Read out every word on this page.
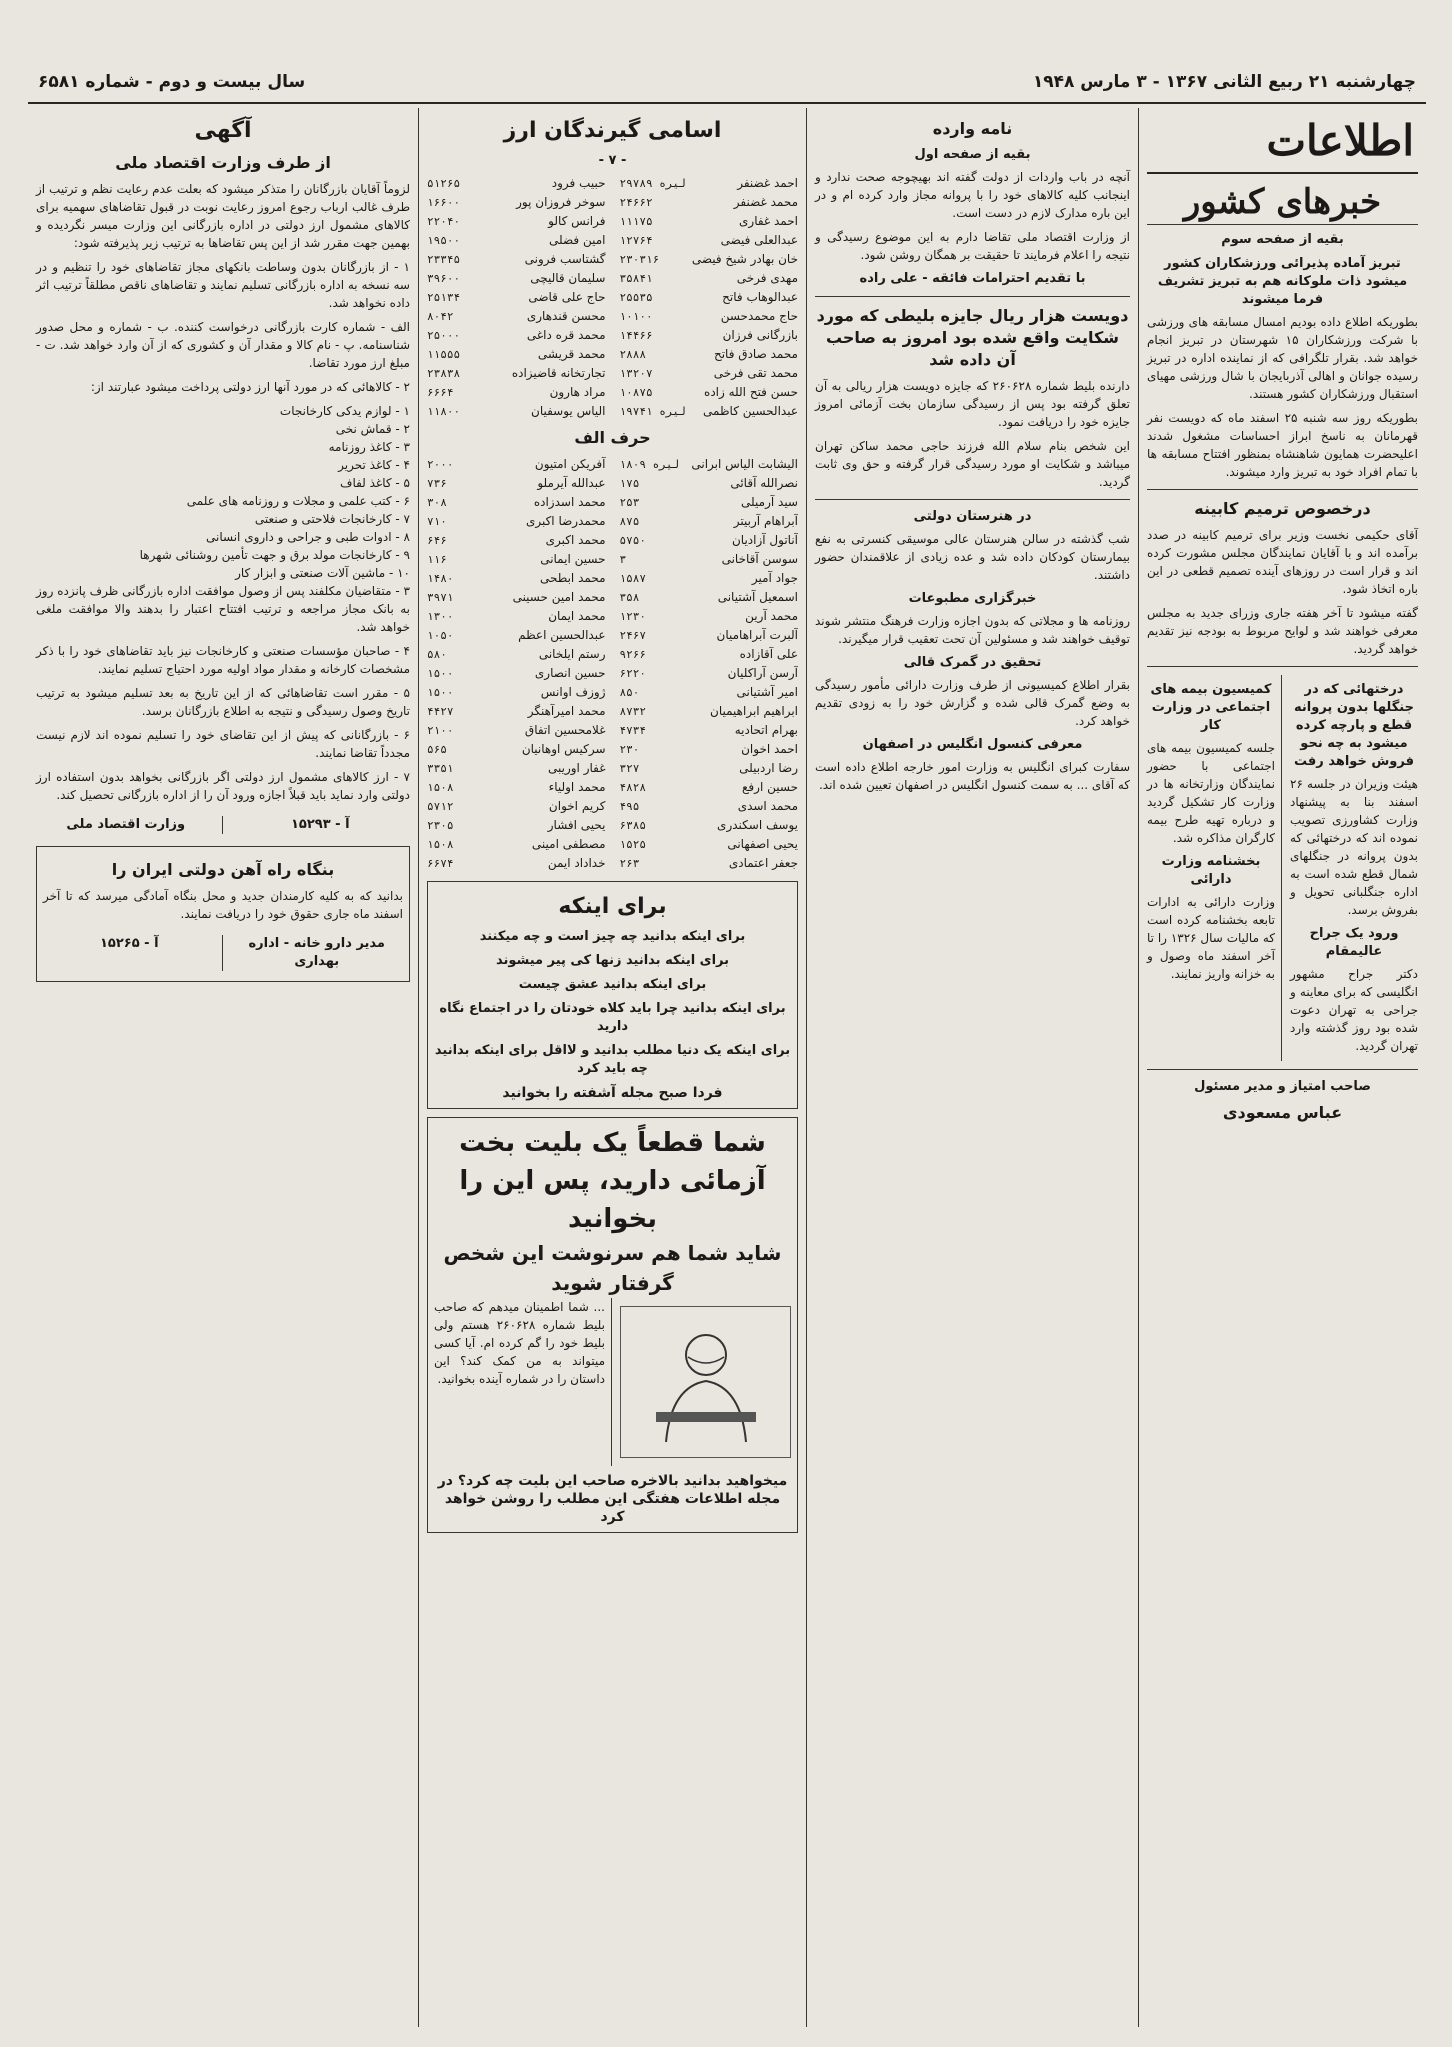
چهارشنبه ۲۱ ربیع الثانی ۱۳۶۷ - ۳ مارس ۱۹۴۸
سال بیست و دوم - شماره ۶۵۸۱
اطلاعات
خبرهای کشور
بقیه از صفحه سوم
تبریز آماده پذیرائی ورزشکاران کشور میشود ذات ملوکانه هم به تبریز تشریف فرما میشوند

بطوریکه اطلاع داده بودیم امسال مسابقه های ورزشی با شرکت ورزشکاران ۱۵ شهرستان در تبریز انجام خواهد شد. بقرار تلگرافی که از نماینده اداره در تبریز رسیده جوانان و اهالی آذربایجان با شال ورزشی مهیای استقبال ورزشکاران کشور هستند.

بطوریکه روز سه شنبه ۲۵ اسفند ماه که دویست نفر قهرمانان به ناسخ ابراز احساسات مشغول شدند اعلیحضرت همایون شاهنشاه بمنظور افتتاح مسابقه ها با تمام افراد خود به تبریز وارد میشوند.

درخصوص ترمیم کابینه

آقای حکیمی نخست وزیر برای ترمیم کابینه در صدد برآمده اند و با آقایان نمایندگان مجلس مشورت کرده اند و قرار است در روزهای آینده تصمیم قطعی در این باره اتخاذ شود.

گفته میشود تا آخر هفته جاری وزرای جدید به مجلس معرفی خواهند شد و لوایح مربوط به بودجه نیز تقدیم خواهد گردید.

درختهائی که در جنگلها بدون پروانه قطع و پارچه کرده میشود به چه نحو فروش خواهد رفت

هیئت وزیران در جلسه ۲۶ اسفند بنا به پیشنهاد وزارت کشاورزی تصویب نموده اند که درختهائی که بدون پروانه در جنگلهای شمال قطع شده است به اداره جنگلبانی تحویل و بفروش برسد.

ورود یک جراح عالیمقام

دکتر جراح مشهور انگلیسی که برای معاینه و جراحی به تهران دعوت شده بود روز گذشته وارد تهران گردید.

کمیسیون بیمه های اجتماعی در وزارت کار

جلسه کمیسیون بیمه های اجتماعی با حضور نمایندگان وزارتخانه ها در وزارت کار تشکیل گردید و درباره تهیه طرح بیمه کارگران مذاکره شد.

بخشنامه وزارت دارائی

وزارت دارائی به ادارات تابعه بخشنامه کرده است که مالیات سال ۱۳۲۶ را تا آخر اسفند ماه وصول و به خزانه واریز نمایند.

صاحب امتیاز و مدیر مسئول
عباس مسعودی
نامه وارده
بقیه از صفحه اول

آنچه در باب واردات از دولت گفته اند بهیچوجه صحت ندارد و اینجانب کلیه کالاهای خود را با پروانه مجاز وارد کرده ام و در این باره مدارک لازم در دست است.

از وزارت اقتصاد ملی تقاضا دارم به این موضوع رسیدگی و نتیجه را اعلام فرمایند تا حقیقت بر همگان روشن شود.

با تقدیم احترامات فائقه - علی راده

دویست هزار ریال جایزه بلیطی که مورد شکایت واقع شده بود امروز به صاحب آن داده شد

دارنده بلیط شماره ۲۶۰۶۲۸ که جایزه دویست هزار ریالی به آن تعلق گرفته بود پس از رسیدگی سازمان بخت آزمائی امروز جایزه خود را دریافت نمود.

این شخص بنام سلام الله فرزند حاجی محمد ساکن تهران میباشد و شکایت او مورد رسیدگی قرار گرفته و حق وی ثابت گردید.

در هنرستان دولتی

شب گذشته در سالن هنرستان عالی موسیقی کنسرتی به نفع بیمارستان کودکان داده شد و عده زیادی از علاقمندان حضور داشتند.

خبرگزاری مطبوعات

روزنامه ها و مجلاتی که بدون اجازه وزارت فرهنگ منتشر شوند توقیف خواهند شد و مسئولین آن تحت تعقیب قرار میگیرند.

تحقیق در گمرک قالی

بقرار اطلاع کمیسیونی از طرف وزارت دارائی مأمور رسیدگی به وضع گمرک قالی شده و گزارش خود را به زودی تقدیم خواهد کرد.

معرفی کنسول انگلیس در اصفهان

سفارت کبرای انگلیس به وزارت امور خارجه اطلاع داده است که آقای ... به سمت کنسول انگلیس در اصفهان تعیین شده اند.

اسامی گیرندگان ارز
- ۷ -
احمد غضنفر
۲۹۷۸۹ لیره
محمد غضنفر
۲۴۶۶۲
احمد غفاری
۱۱۱۷۵
عبدالعلی فیضی
۱۲۷۶۴
خان بهادر شیخ فیضی
۲۳۰۳۱۶
مهدی فرخی
۳۵۸۴۱
عبدالوهاب فاتح
۲۵۵۳۵
حاج محمدحسن
۱۰۱۰۰
بازرگانی فرزان
۱۴۴۶۶
محمد صادق فاتح
۲۸۸۸
محمد تقی فرخی
۱۳۲۰۷
حسن فتح الله زاده
۱۰۸۷۵
عبدالحسین کاظمی
۱۹۷۴۱ لیره
حبیب فرود
۵۱۲۶۵
سوخر فروزان پور
۱۶۶۰۰
فرانس کالو
۲۲۰۴۰
امین فضلی
۱۹۵۰۰
گشتاسب فرونی
۲۳۳۴۵
سلیمان قالیچی
۳۹۶۰۰
حاج علی قاضی
۲۵۱۳۴
محسن قندهاری
۸۰۴۲
محمد قره داغی
۲۵۰۰۰
محمد قریشی
۱۱۵۵۵
تجارتخانه قاضیزاده
۲۳۸۳۸
مراد هارون
۶۶۶۴
الیاس یوسفیان
۱۱۸۰۰
حرف الف
الیشابت الیاس ابرانی
۱۸۰۹ لیره
نصرالله آقائی
۱۷۵
سید آرمیلی
۲۵۳
آبراهام آربیتر
۸۷۵
آناتول آزادیان
۵۷۵۰
سوسن آقاخانی
۳
جواد آمیر
۱۵۸۷
اسمعیل آشتیانی
۳۵۸
محمد آرین
۱۲۳۰
آلبرت آبراهامیان
۲۴۶۷
علی آقازاده
۹۲۶۶
آرسن آراکلیان
۶۲۲۰
امیر آشتیانی
۸۵۰
ابراهیم ابراهیمیان
۸۷۳۲
بهرام اتحادیه
۴۷۳۴
احمد اخوان
۲۳۰
رضا اردبیلی
۳۲۷
حسین ارفع
۴۸۲۸
محمد اسدی
۴۹۵
یوسف اسکندری
۶۳۸۵
یحیی اصفهانی
۱۵۲۵
جعفر اعتمادی
۲۶۳
آفریکن امتیون
۲۰۰۰
عبدالله آیرملو
۷۳۶
محمد اسدزاده
۳۰۸
محمدرضا اکبری
۷۱۰
محمد اکبری
۶۴۶
حسین ایمانی
۱۱۶
محمد ابطحی
۱۴۸۰
محمد امین حسینی
۳۹۷۱
محمد ایمان
۱۳۰۰
عبدالحسین اعظم
۱۰۵۰
رستم ایلخانی
۵۸۰
حسین انصاری
۱۵۰۰
ژوزف اوانس
۱۵۰۰
محمد امیرآهنگر
۴۴۲۷
غلامحسین اتفاق
۲۱۰۰
سرکیس اوهانیان
۵۶۵
غفار اوریبی
۳۳۵۱
محمد اولیاء
۱۵۰۸
کریم اخوان
۵۷۱۲
یحیی افشار
۲۳۰۵
مصطفی امینی
۱۵۰۸
خداداد ایمن
۶۶۷۴
برای اینکه
برای اینکه بدانید چه چیز است و چه میکنند
برای اینکه بدانید زنها کی پیر میشوند
برای اینکه بدانید عشق چیست
برای اینکه بدانید چرا باید کلاه خودتان را در اجتماع نگاه دارید
برای اینکه یک دنیا مطلب بدانید و لااقل برای اینکه بدانید چه باید کرد
فردا صبح مجله آشفته را بخوانید
شما قطعاً یک بلیت بخت آزمائی دارید، پس این را بخوانید
شاید شما هم سرنوشت این شخص گرفتار شوید

... شما اطمینان میدهم که صاحب بلیط شماره ۲۶۰۶۲۸ هستم ولی بلیط خود را گم کرده ام. آیا کسی میتواند به من کمک کند؟ این داستان را در شماره آینده بخوانید.

میخواهید بدانید بالاخره صاحب این بلیت چه کرد؟ در مجله اطلاعات هفتگی این مطلب را روشن خواهد کرد
آگهی
از طرف وزارت اقتصاد ملی

لزوماً آقایان بازرگانان را متذکر میشود که بعلت عدم رعایت نظم و ترتیب از طرف غالب ارباب رجوع امروز رعایت نوبت در قبول تقاضاهای سهمیه برای کالاهای مشمول ارز دولتی در اداره بازرگانی این وزارت میسر نگردیده و بهمین جهت مقرر شد از این پس تقاضاها به ترتیب زیر پذیرفته شود:

۱ - از بازرگانان بدون وساطت بانکهای مجاز تقاضاهای خود را تنظیم و در سه نسخه به اداره بازرگانی تسلیم نمایند و تقاضاهای ناقص مطلقاً ترتیب اثر داده نخواهد شد.

الف - شماره کارت بازرگانی درخواست کننده. ب - شماره و محل صدور شناسنامه. پ - نام کالا و مقدار آن و کشوری که از آن وارد خواهد شد. ت - مبلغ ارز مورد تقاضا.

۲ - کالاهائی که در مورد آنها ارز دولتی پرداخت میشود عبارتند از:

۱ - لوازم یدکی کارخانجات
۲ - قماش نخی
۳ - کاغذ روزنامه
۴ - کاغذ تحریر
۵ - کاغذ لفاف
۶ - کتب علمی و مجلات و روزنامه های علمی
۷ - کارخانجات فلاحتی و صنعتی
۸ - ادوات طبی و جراحی و داروی انسانی
۹ - کارخانجات مولد برق و جهت تأمین روشنائی شهرها
۱۰ - ماشین آلات صنعتی و ابزار کار

۳ - متقاضیان مکلفند پس از وصول موافقت اداره بازرگانی ظرف پانزده روز به بانک مجاز مراجعه و ترتیب افتتاح اعتبار را بدهند والا موافقت ملغی خواهد شد.

۴ - صاحبان مؤسسات صنعتی و کارخانجات نیز باید تقاضاهای خود را با ذکر مشخصات کارخانه و مقدار مواد اولیه مورد احتیاج تسلیم نمایند.

۵ - مقرر است تقاضاهائی که از این تاریخ به بعد تسلیم میشود به ترتیب تاریخ وصول رسیدگی و نتیجه به اطلاع بازرگانان برسد.

۶ - بازرگانانی که پیش از این تقاضای خود را تسلیم نموده اند لازم نیست مجدداً تقاضا نمایند.

۷ - ارز کالاهای مشمول ارز دولتی اگر بازرگانی بخواهد بدون استفاده ارز دولتی وارد نماید باید قبلاً اجازه ورود آن را از اداره بازرگانی تحصیل کند.

آ - ۱۵۲۹۳
وزارت اقتصاد ملی
بنگاه راه آهن دولتی ایران را

بدانید که به کلیه کارمندان جدید و محل بنگاه آمادگی میرسد که تا آخر اسفند ماه جاری حقوق خود را دریافت نمایند.

مدیر دارو خانه - اداره بهداری
آ - ۱۵۲۶۵
